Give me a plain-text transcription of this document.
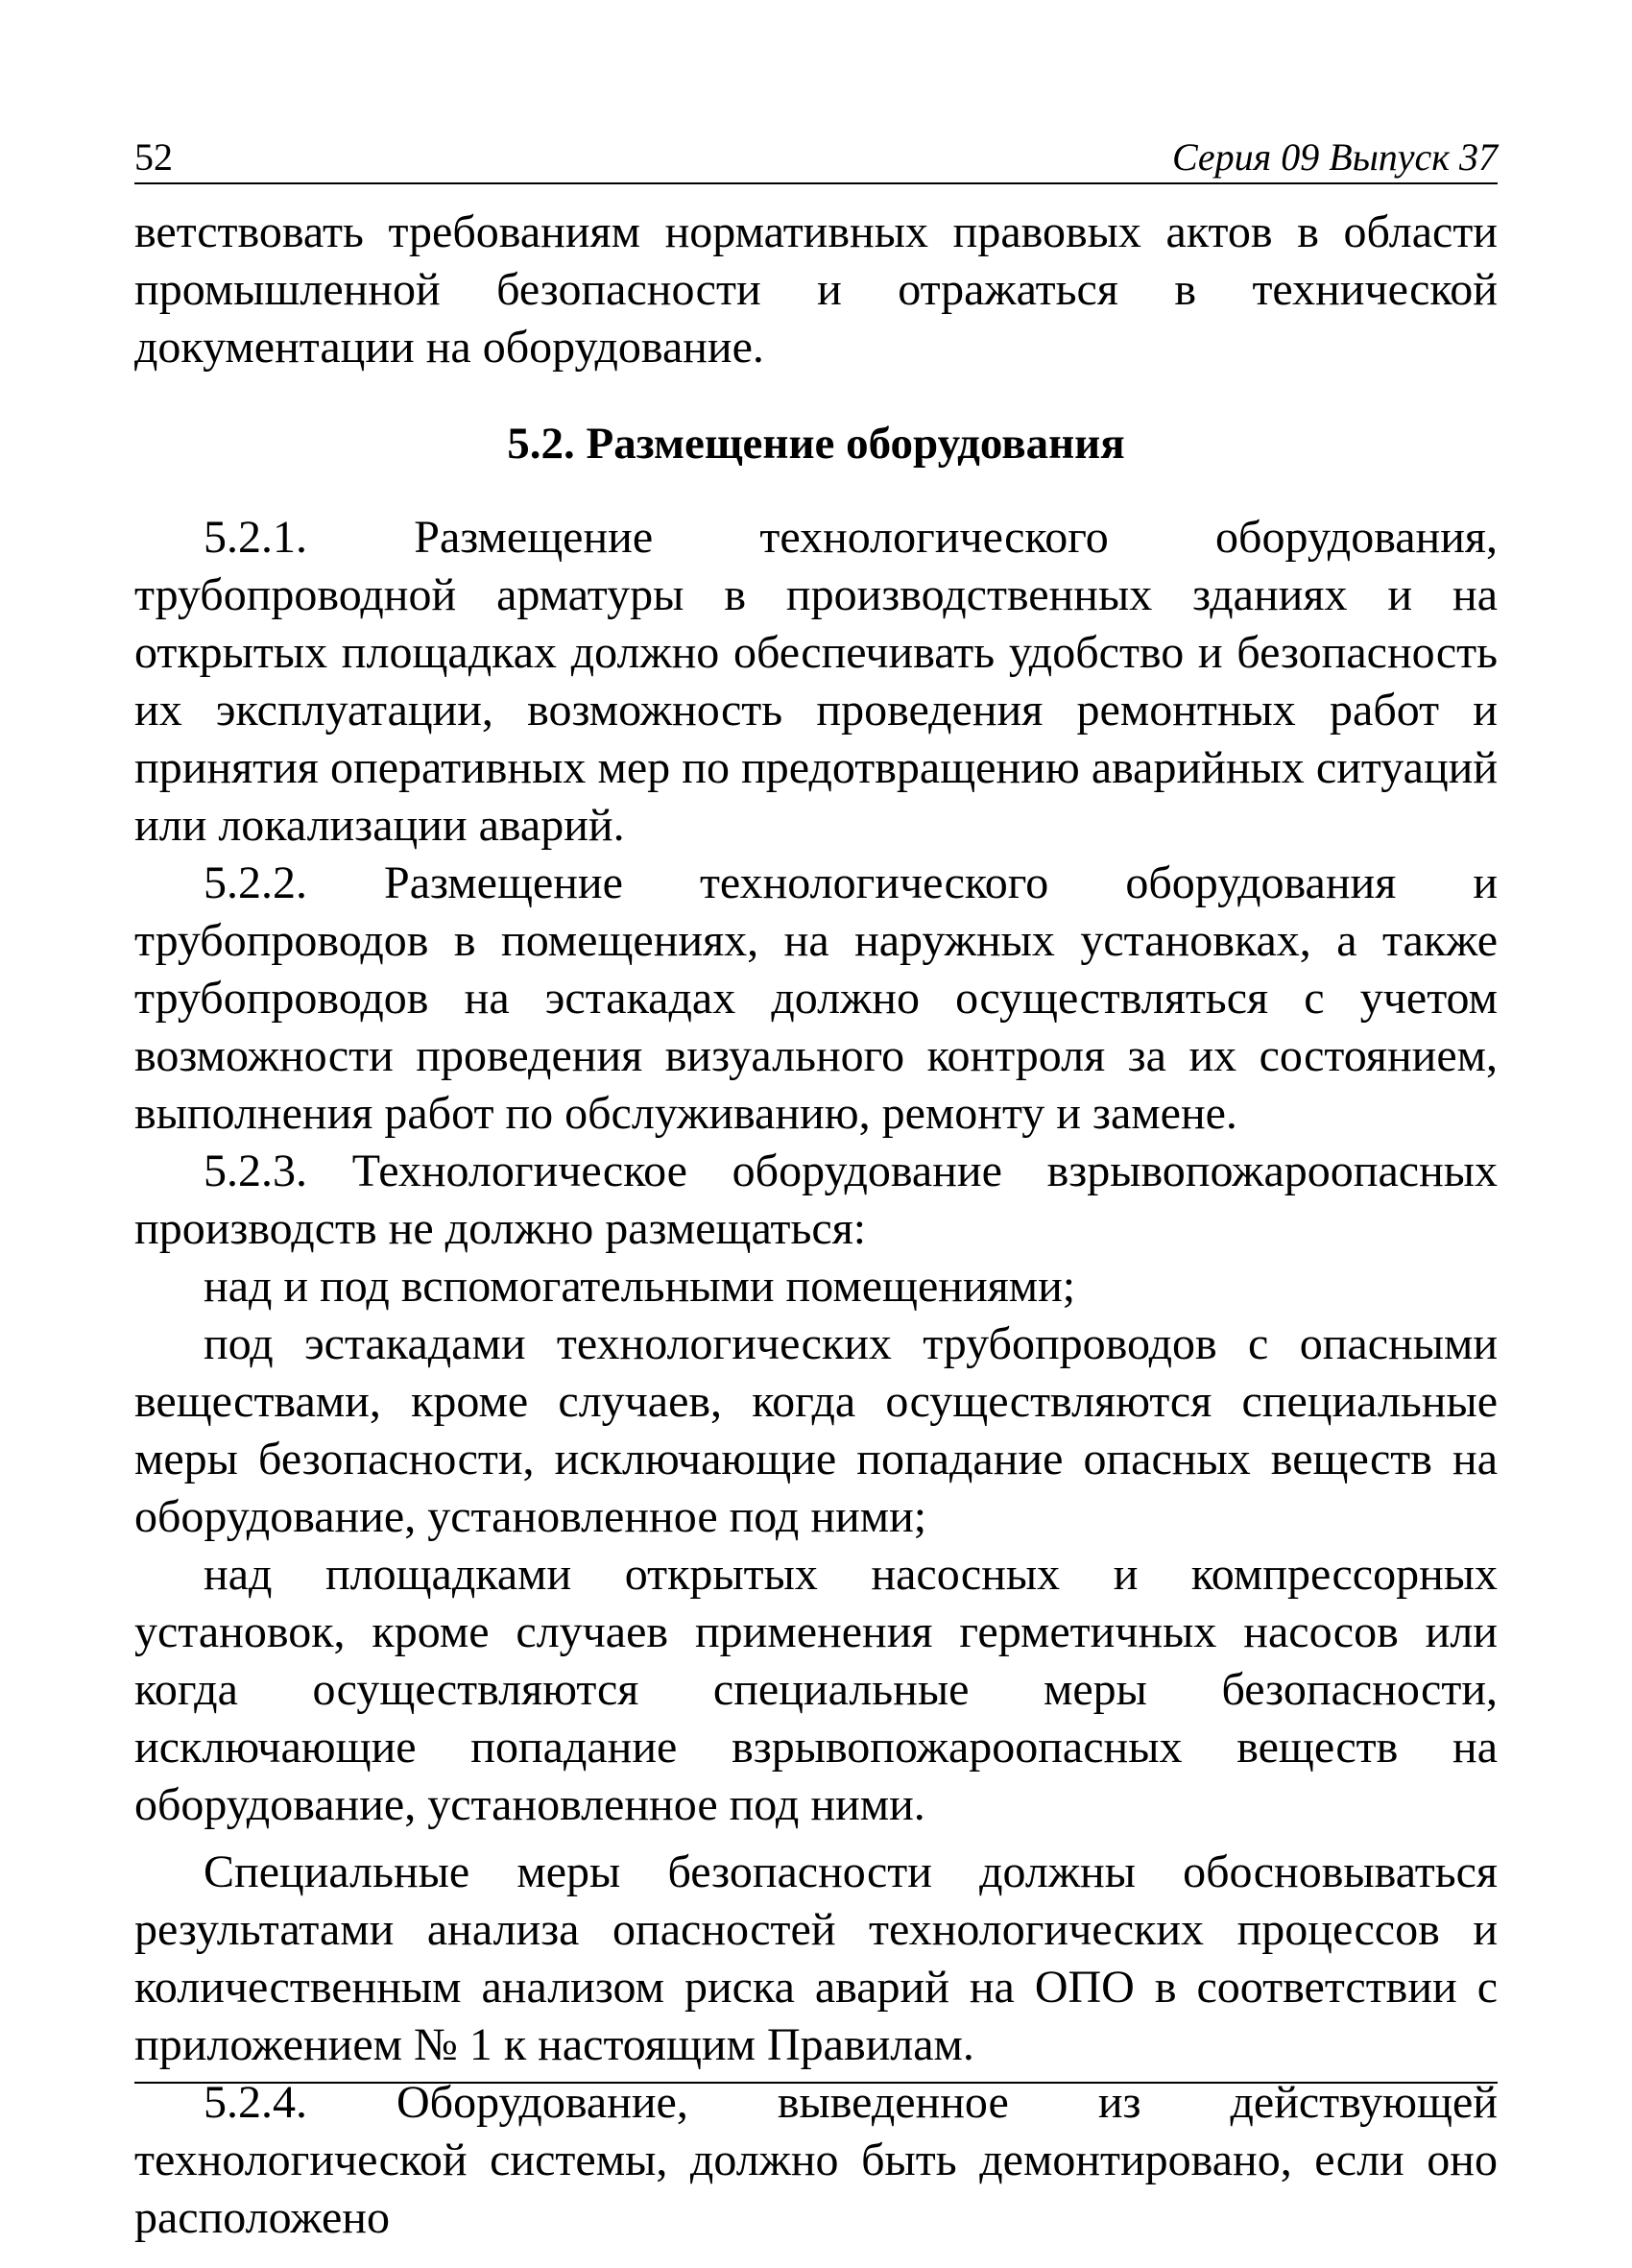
52	Серия 09 Выпуск 37

ветствовать требованиям нормативных правовых актов в области промышленной безопасности и отражаться в технической документации на оборудование.

5.2. Размещение оборудования

5.2.1. Размещение технологического оборудования, трубопроводной арматуры в производственных зданиях и на открытых площадках должно обеспечивать удобство и безопасность их эксплуатации, возможность проведения ремонтных работ и принятия оперативных мер по предотвращению аварийных ситуаций или локализации аварий.

5.2.2. Размещение технологического оборудования и трубопроводов в помещениях, на наружных установках, а также трубопроводов на эстакадах должно осуществляться с учетом возможности проведения визуального контроля за их состоянием, выполнения работ по обслуживанию, ремонту и замене.

5.2.3. Технологическое оборудование взрывопожароопасных производств не должно размещаться:

над и под вспомогательными помещениями;

под эстакадами технологических трубопроводов с опасными веществами, кроме случаев, когда осуществляются специальные меры безопасности, исключающие попадание опасных веществ на оборудование, установленное под ними;

над площадками открытых насосных и компрессорных установок, кроме случаев применения герметичных насосов или когда осуществляются специальные меры безопасности, исключающие попадание взрывопожароопасных веществ на оборудование, установленное под ними.

Специальные меры безопасности должны обосновываться результатами анализа опасностей технологических процессов и количественным анализом риска аварий на ОПО в соответствии с приложением № 1 к настоящим Правилам.

5.2.4. Оборудование, выведенное из действующей технологической системы, должно быть демонтировано, если оно расположено
